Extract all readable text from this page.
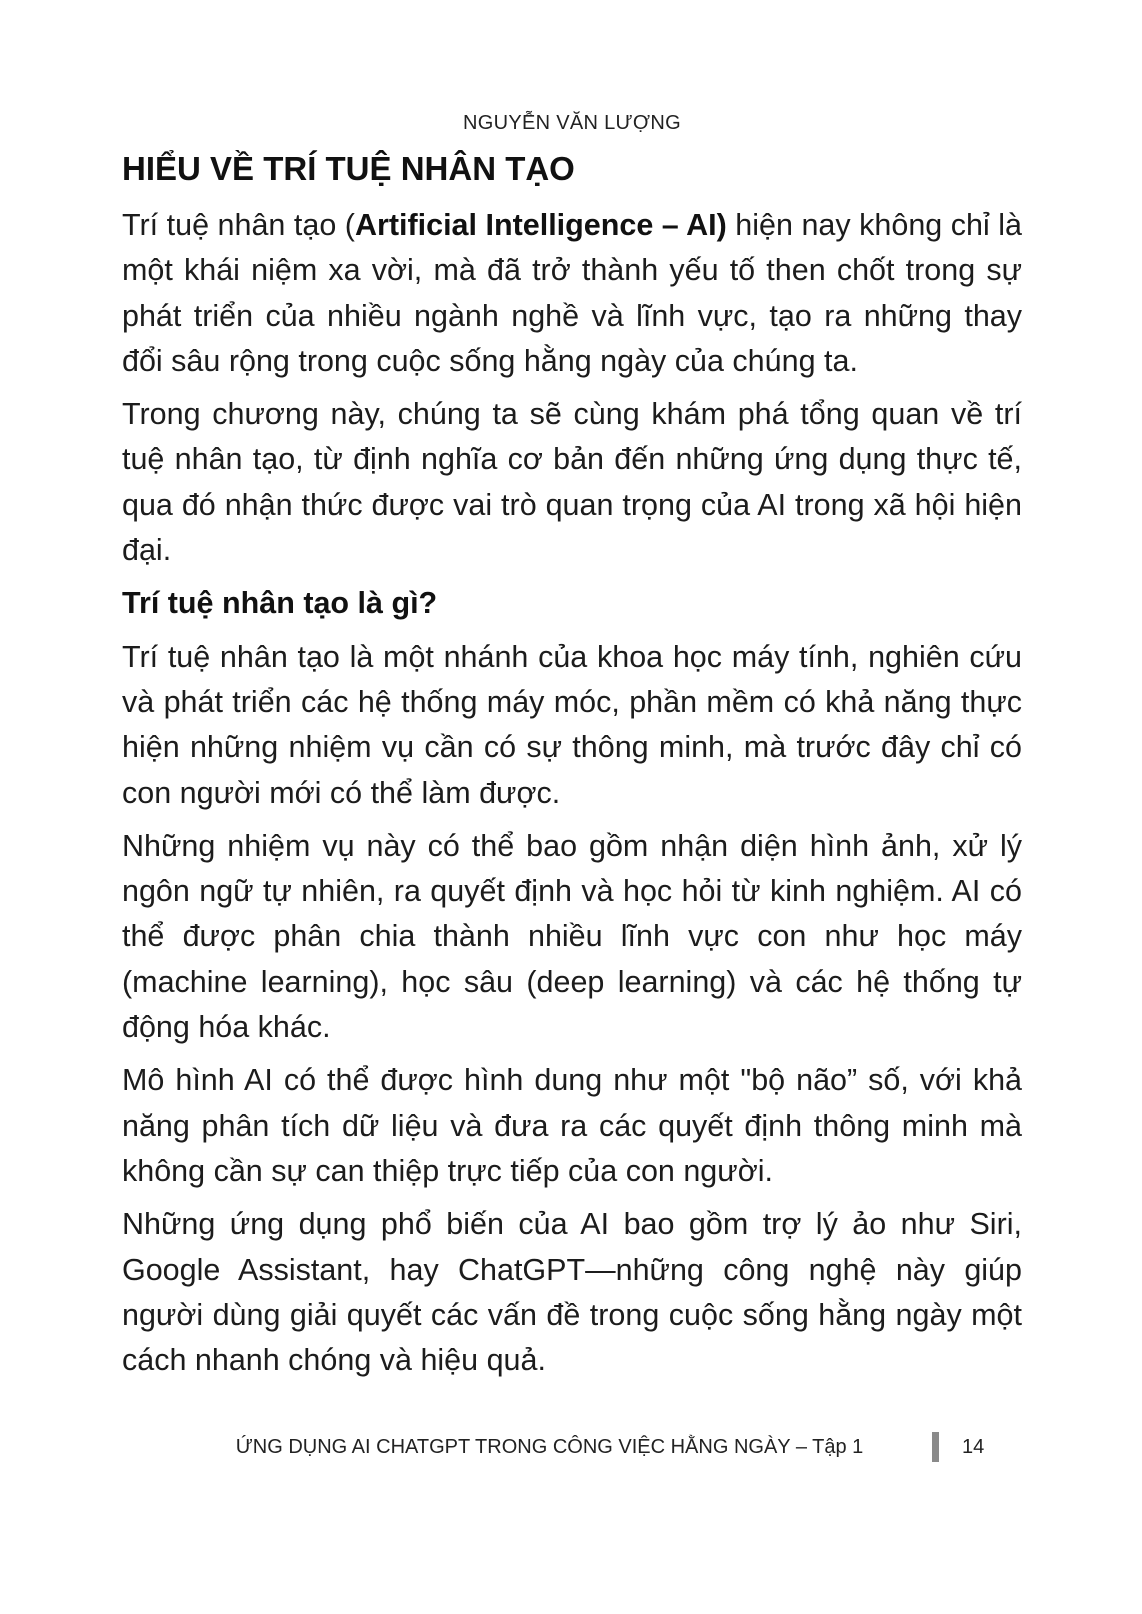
NGUYỄN VĂN LƯỢNG
HIỂU VỀ TRÍ TUỆ NHÂN TẠO

Trí tuệ nhân tạo (Artificial Intelligence – AI) hiện nay không chỉ là một khái niệm xa vời, mà đã trở thành yếu tố then chốt trong sự phát triển của nhiều ngành nghề và lĩnh vực, tạo ra những thay đổi sâu rộng trong cuộc sống hằng ngày của chúng ta.

Trong chương này, chúng ta sẽ cùng khám phá tổng quan về trí tuệ nhân tạo, từ định nghĩa cơ bản đến những ứng dụng thực tế, qua đó nhận thức được vai trò quan trọng của AI trong xã hội hiện đại.

Trí tuệ nhân tạo là gì?

Trí tuệ nhân tạo là một nhánh của khoa học máy tính, nghiên cứu và phát triển các hệ thống máy móc, phần mềm có khả năng thực hiện những nhiệm vụ cần có sự thông minh, mà trước đây chỉ có con người mới có thể làm được.

Những nhiệm vụ này có thể bao gồm nhận diện hình ảnh, xử lý ngôn ngữ tự nhiên, ra quyết định và học hỏi từ kinh nghiệm. AI có thể được phân chia thành nhiều lĩnh vực con như học máy (machine learning), học sâu (deep learning) và các hệ thống tự động hóa khác.

Mô hình AI có thể được hình dung như một "bộ não” số, với khả năng phân tích dữ liệu và đưa ra các quyết định thông minh mà không cần sự can thiệp trực tiếp của con người.

Những ứng dụng phổ biến của AI bao gồm trợ lý ảo như Siri, Google Assistant, hay ChatGPT—những công nghệ này giúp người dùng giải quyết các vấn đề trong cuộc sống hằng ngày một cách nhanh chóng và hiệu quả.

ỨNG DỤNG AI CHATGPT TRONG CÔNG VIỆC HẰNG NGÀY – Tập 1	14
